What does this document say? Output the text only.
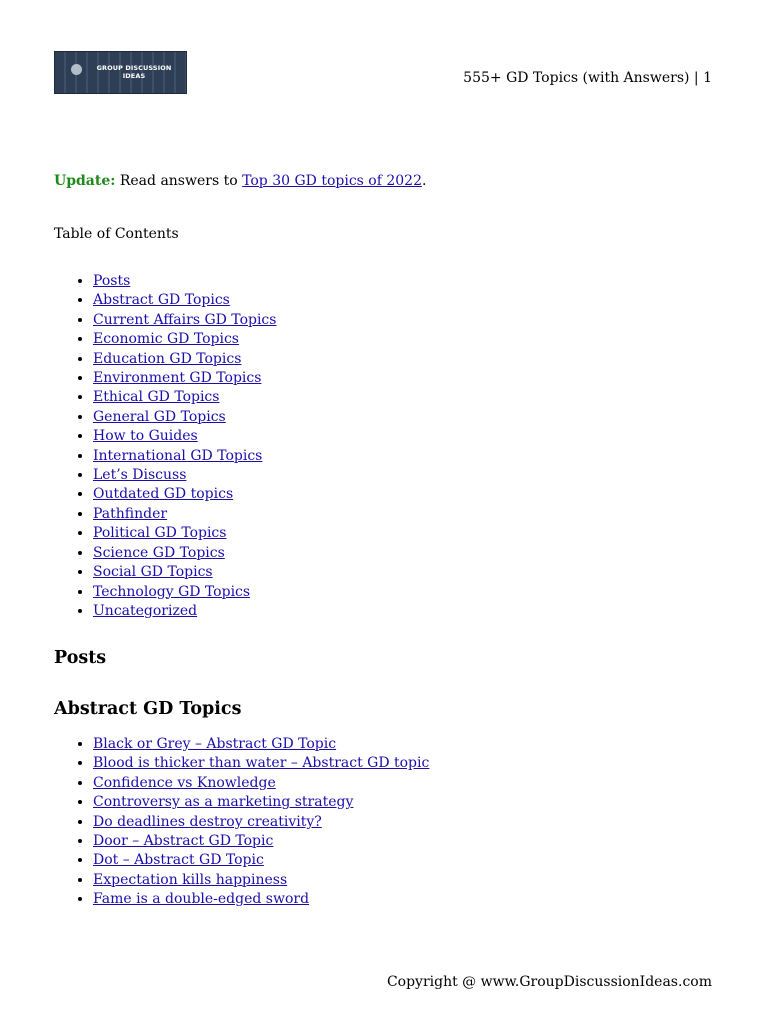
GROUP DISCUSSION IDEAS	555+ GD Topics (with Answers) | 1
Update: Read answers to Top 30 GD topics of 2022.
Table of Contents
• Posts
• Abstract GD Topics
• Current Affairs GD Topics
• Economic GD Topics
• Education GD Topics
• Environment GD Topics
• Ethical GD Topics
• General GD Topics
• How to Guides
• International GD Topics
• Let’s Discuss
• Outdated GD topics
• Pathfinder
• Political GD Topics
• Science GD Topics
• Social GD Topics
• Technology GD Topics
• Uncategorized
Posts
Abstract GD Topics
• Black or Grey – Abstract GD Topic
• Blood is thicker than water – Abstract GD topic
• Confidence vs Knowledge
• Controversy as a marketing strategy
• Do deadlines destroy creativity?
• Door – Abstract GD Topic
• Dot – Abstract GD Topic
• Expectation kills happiness
• Fame is a double-edged sword
Copyright @ www.GroupDiscussionIdeas.com
